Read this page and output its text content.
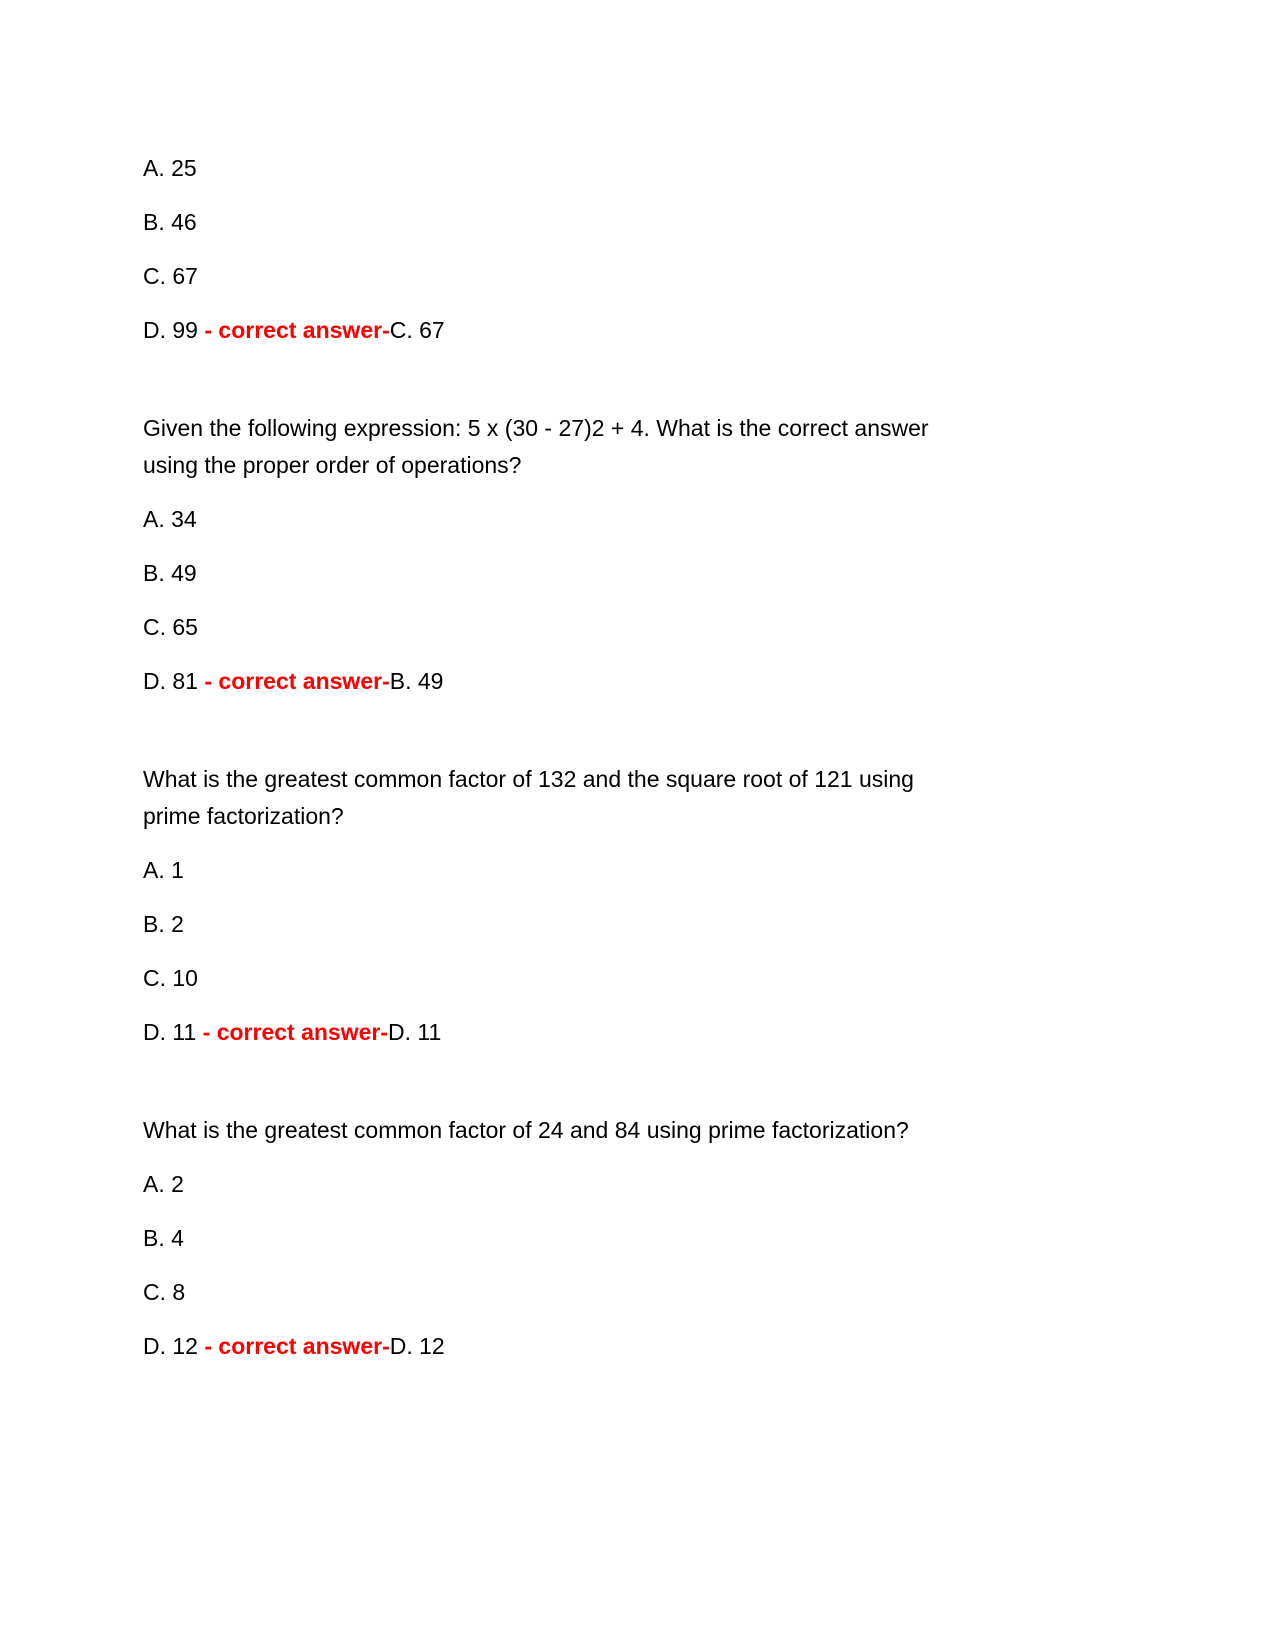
A. 25

B. 46

C. 67

D. 99 - correct answer-C. 67

Given the following expression: 5 x (30 - 27)2 + 4. What is the correct answer
using the proper order of operations?

A. 34

B. 49

C. 65

D. 81 - correct answer-B. 49

What is the greatest common factor of 132 and the square root of 121 using
prime factorization?

A. 1

B. 2

C. 10

D. 11 - correct answer-D. 11

What is the greatest common factor of 24 and 84 using prime factorization?

A. 2

B. 4

C. 8

D. 12 - correct answer-D. 12
